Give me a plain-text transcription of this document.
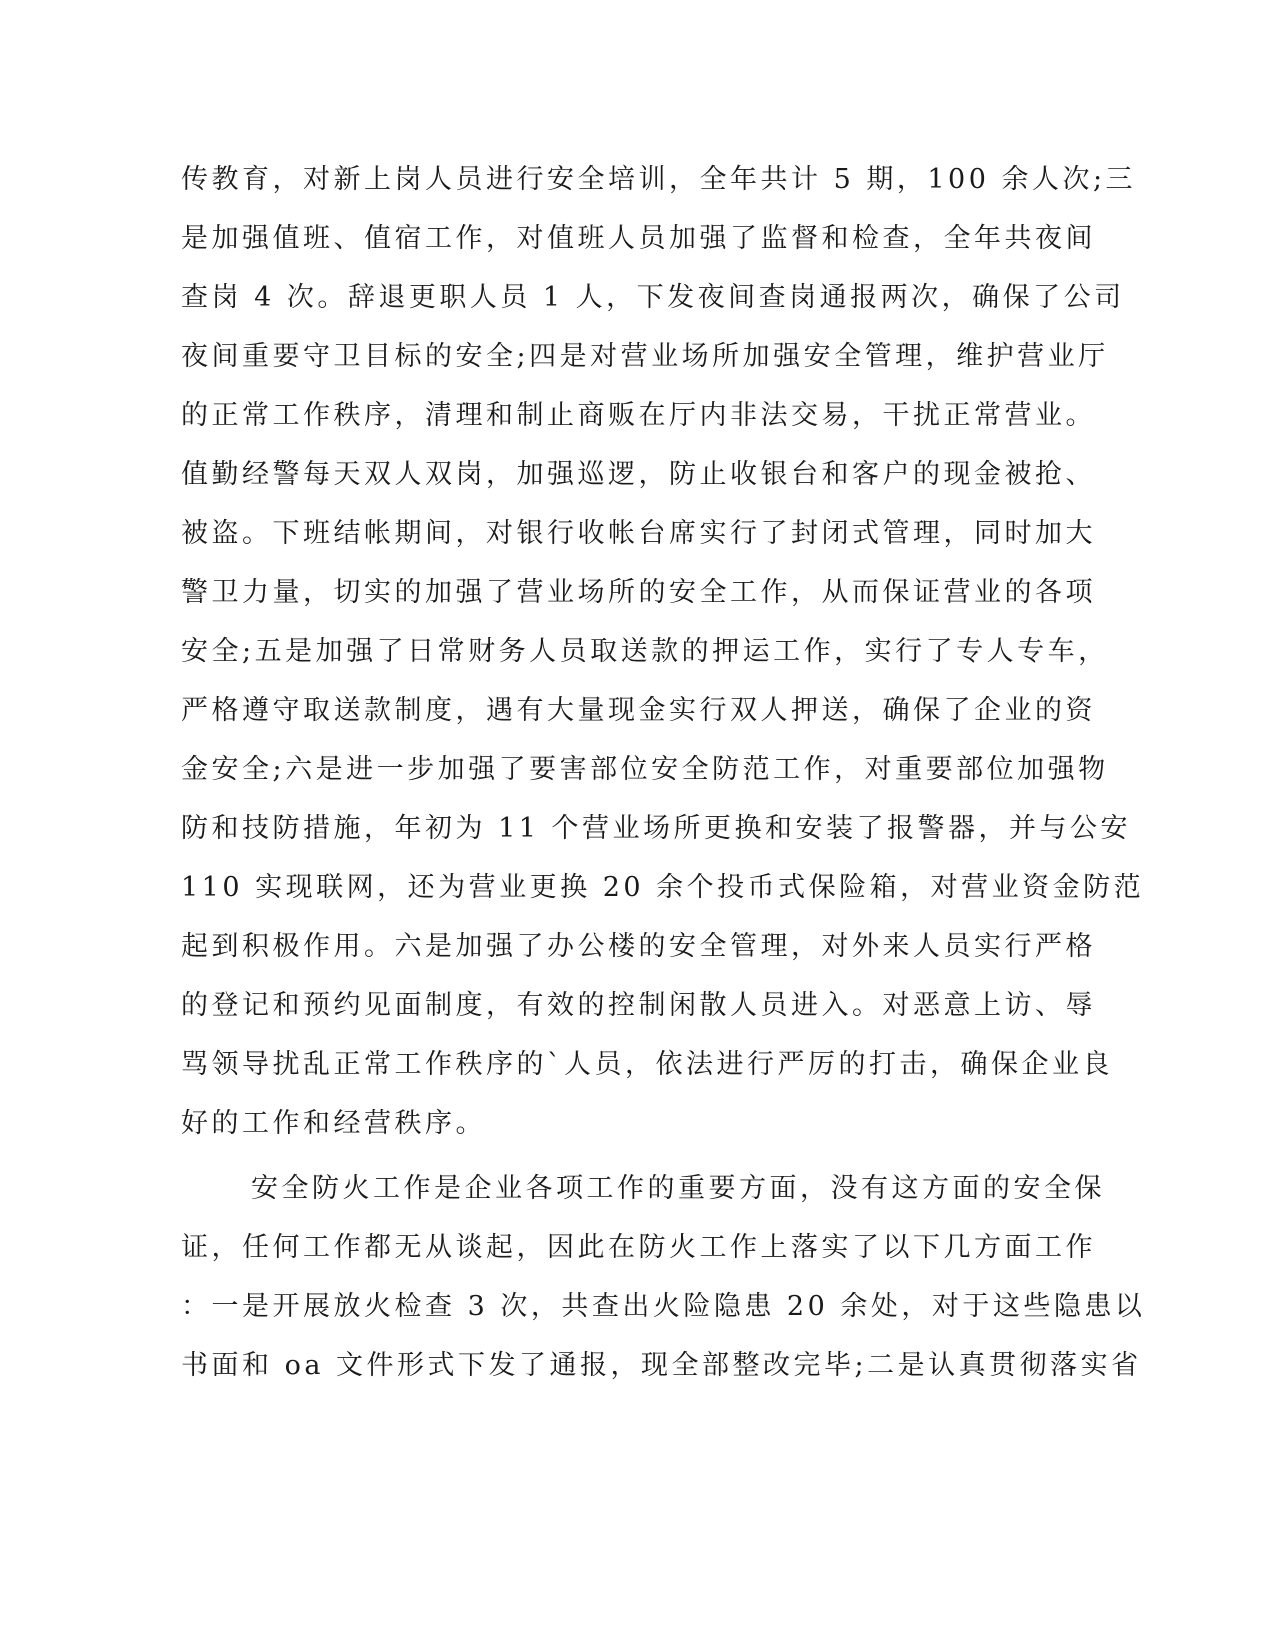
传教育，对新上岗人员进行安全培训，全年共计 5 期，100 余人次;三
是加强值班、值宿工作，对值班人员加强了监督和检查，全年共夜间
查岗 4 次。辞退更职人员 1 人，下发夜间查岗通报两次，确保了公司
夜间重要守卫目标的安全;四是对营业场所加强安全管理，维护营业厅
的正常工作秩序，清理和制止商贩在厅内非法交易，干扰正常营业。
值勤经警每天双人双岗，加强巡逻，防止收银台和客户的现金被抢、
被盗。下班结帐期间，对银行收帐台席实行了封闭式管理，同时加大
警卫力量，切实的加强了营业场所的安全工作，从而保证营业的各项
安全;五是加强了日常财务人员取送款的押运工作，实行了专人专车，
严格遵守取送款制度，遇有大量现金实行双人押送，确保了企业的资
金安全;六是进一步加强了要害部位安全防范工作，对重要部位加强物
防和技防措施，年初为 11 个营业场所更换和安装了报警器，并与公安
110 实现联网，还为营业更换 20 余个投币式保险箱，对营业资金防范
起到积极作用。六是加强了办公楼的安全管理，对外来人员实行严格
的登记和预约见面制度，有效的控制闲散人员进入。对恶意上访、辱
骂领导扰乱正常工作秩序的`人员，依法进行严厉的打击，确保企业良
好的工作和经营秩序。
安全防火工作是企业各项工作的重要方面，没有这方面的安全保
证，任何工作都无从谈起，因此在防火工作上落实了以下几方面工作
：一是开展放火检查 3 次，共查出火险隐患 20 余处，对于这些隐患以
书面和 oa 文件形式下发了通报，现全部整改完毕;二是认真贯彻落实省
